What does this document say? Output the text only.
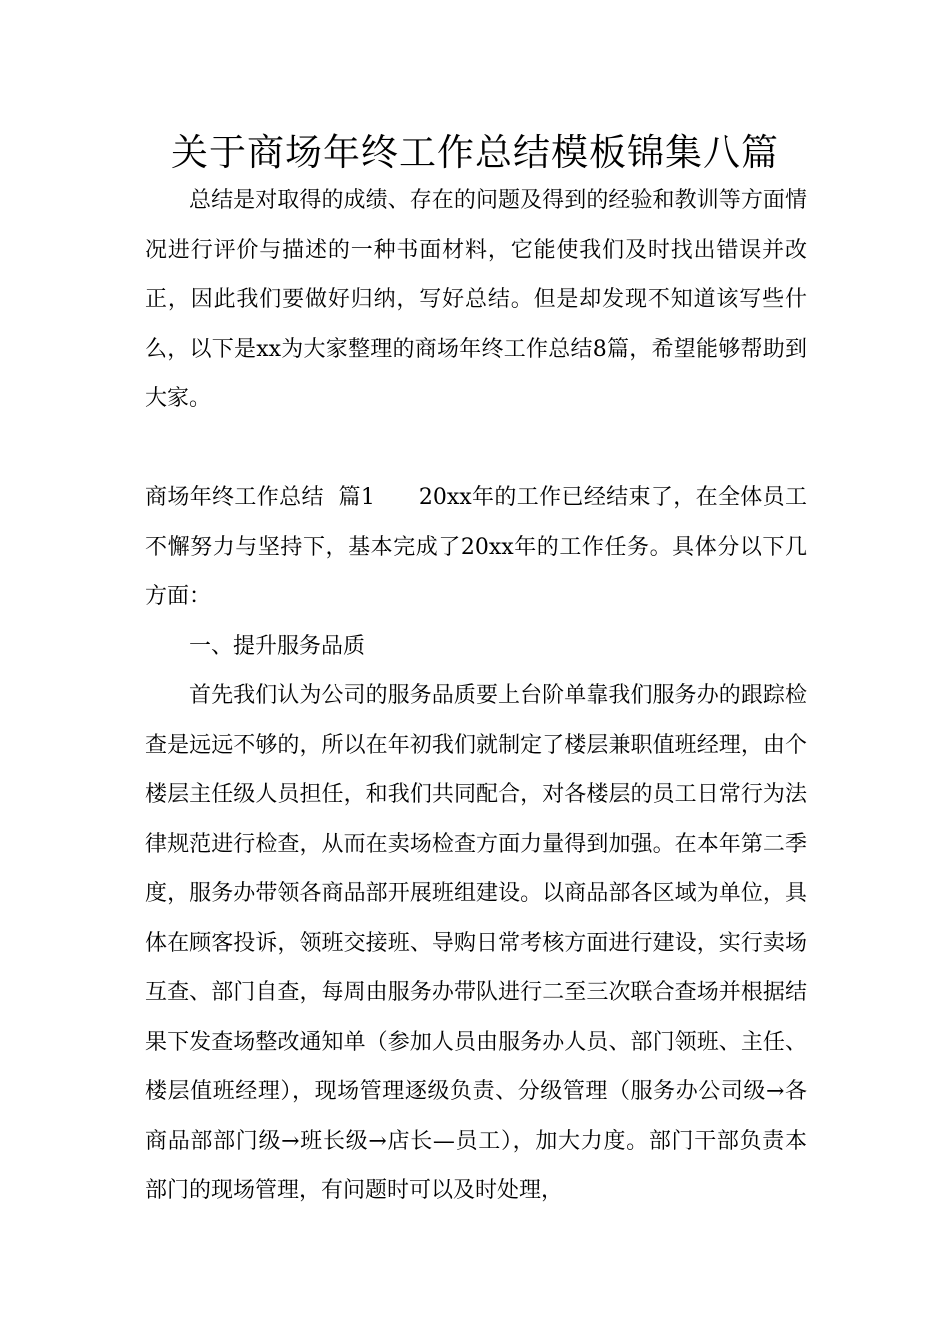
关于商场年终工作总结模板锦集八篇

总结是对取得的成绩、存在的问题及得到的经验和教训等方面情况进行评价与描述的一种书面材料，它能使我们及时找出错误并改正，因此我们要做好归纳，写好总结。但是却发现不知道该写些什么，以下是xx为大家整理的商场年终工作总结8篇，希望能够帮助到大家。

商场年终工作总结  篇1 20xx年的工作已经结束了，在全体员工不懈努力与坚持下，基本完成了20xx年的工作任务。具体分以下几方面：

一、提升服务品质

首先我们认为公司的服务品质要上台阶单靠我们服务办的跟踪检查是远远不够的，所以在年初我们就制定了楼层兼职值班经理，由个楼层主任级人员担任，和我们共同配合，对各楼层的员工日常行为法律规范进行检查，从而在卖场检查方面力量得到加强。在本年第二季度，服务办带领各商品部开展班组建设。以商品部各区域为单位，具体在顾客投诉，领班交接班、导购日常考核方面进行建设，实行卖场互查、部门自查，每周由服务办带队进行二至三次联合查场并根据结果下发查场整改通知单（参加人员由服务办人员、部门领班、主任、楼层值班经理），现场管理逐级负责、分级管理（服务办公司级→各商品部部门级→班长级→店长—员工），加大力度。部门干部负责本部门的现场管理，有问题时可以及时处理，
